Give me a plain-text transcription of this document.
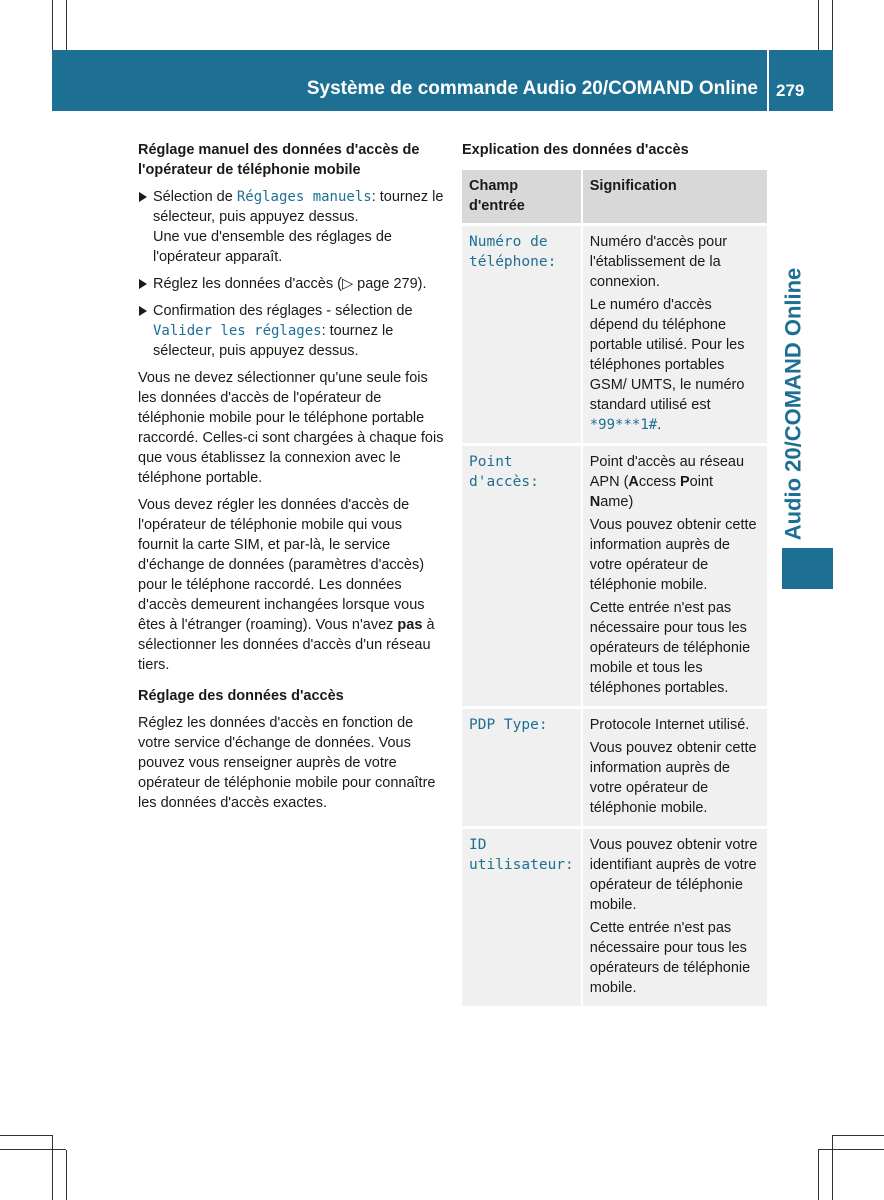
Système de commande Audio 20/COMAND Online 279
Audio 20/COMAND Online

Réglage manuel des données d'accès de l'opérateur de téléphonie mobile

Sélection de Réglages manuels: tournez le sélecteur, puis appuyez dessus.
Une vue d'ensemble des réglages de l'opérateur apparaît.

Réglez les données d'accès (▷ page 279).

Confirmation des réglages - sélection de Valider les réglages: tournez le sélecteur, puis appuyez dessus.

Vous ne devez sélectionner qu'une seule fois les données d'accès de l'opérateur de téléphonie mobile pour le téléphone portable raccordé. Celles-ci sont chargées à chaque fois que vous établissez la connexion avec le téléphone portable.

Vous devez régler les données d'accès de l'opérateur de téléphonie mobile qui vous fournit la carte SIM, et par-là, le service d'échange de données (paramètres d'accès) pour le téléphone raccordé. Les données d'accès demeurent inchangées lorsque vous êtes à l'étranger (roaming). Vous n'avez pas à sélectionner les données d'accès d'un réseau tiers.

Réglage des données d'accès

Réglez les données d'accès en fonction de votre service d'échange de données. Vous pouvez vous renseigner auprès de votre opérateur de téléphonie mobile pour connaître les données d'accès exactes.

Explication des données d'accès

Champ d'entrée	Signification

Numéro de téléphone:	Numéro d'accès pour l'établissement de la connexion.

Le numéro d'accès dépend du téléphone portable utilisé. Pour les téléphones portables GSM/ UMTS, le numéro standard utilisé est *99***1#.

Point d'accès:	Point d'accès au réseau APN (Access Point Name)

Vous pouvez obtenir cette information auprès de votre opérateur de téléphonie mobile.

Cette entrée n'est pas nécessaire pour tous les opérateurs de téléphonie mobile et tous les téléphones portables.

PDP Type:	Protocole Internet utilisé.

Vous pouvez obtenir cette information auprès de votre opérateur de téléphonie mobile.

ID utilisateur:	Vous pouvez obtenir votre identifiant auprès de votre opérateur de téléphonie mobile.

Cette entrée n'est pas nécessaire pour tous les opérateurs de téléphonie mobile.
